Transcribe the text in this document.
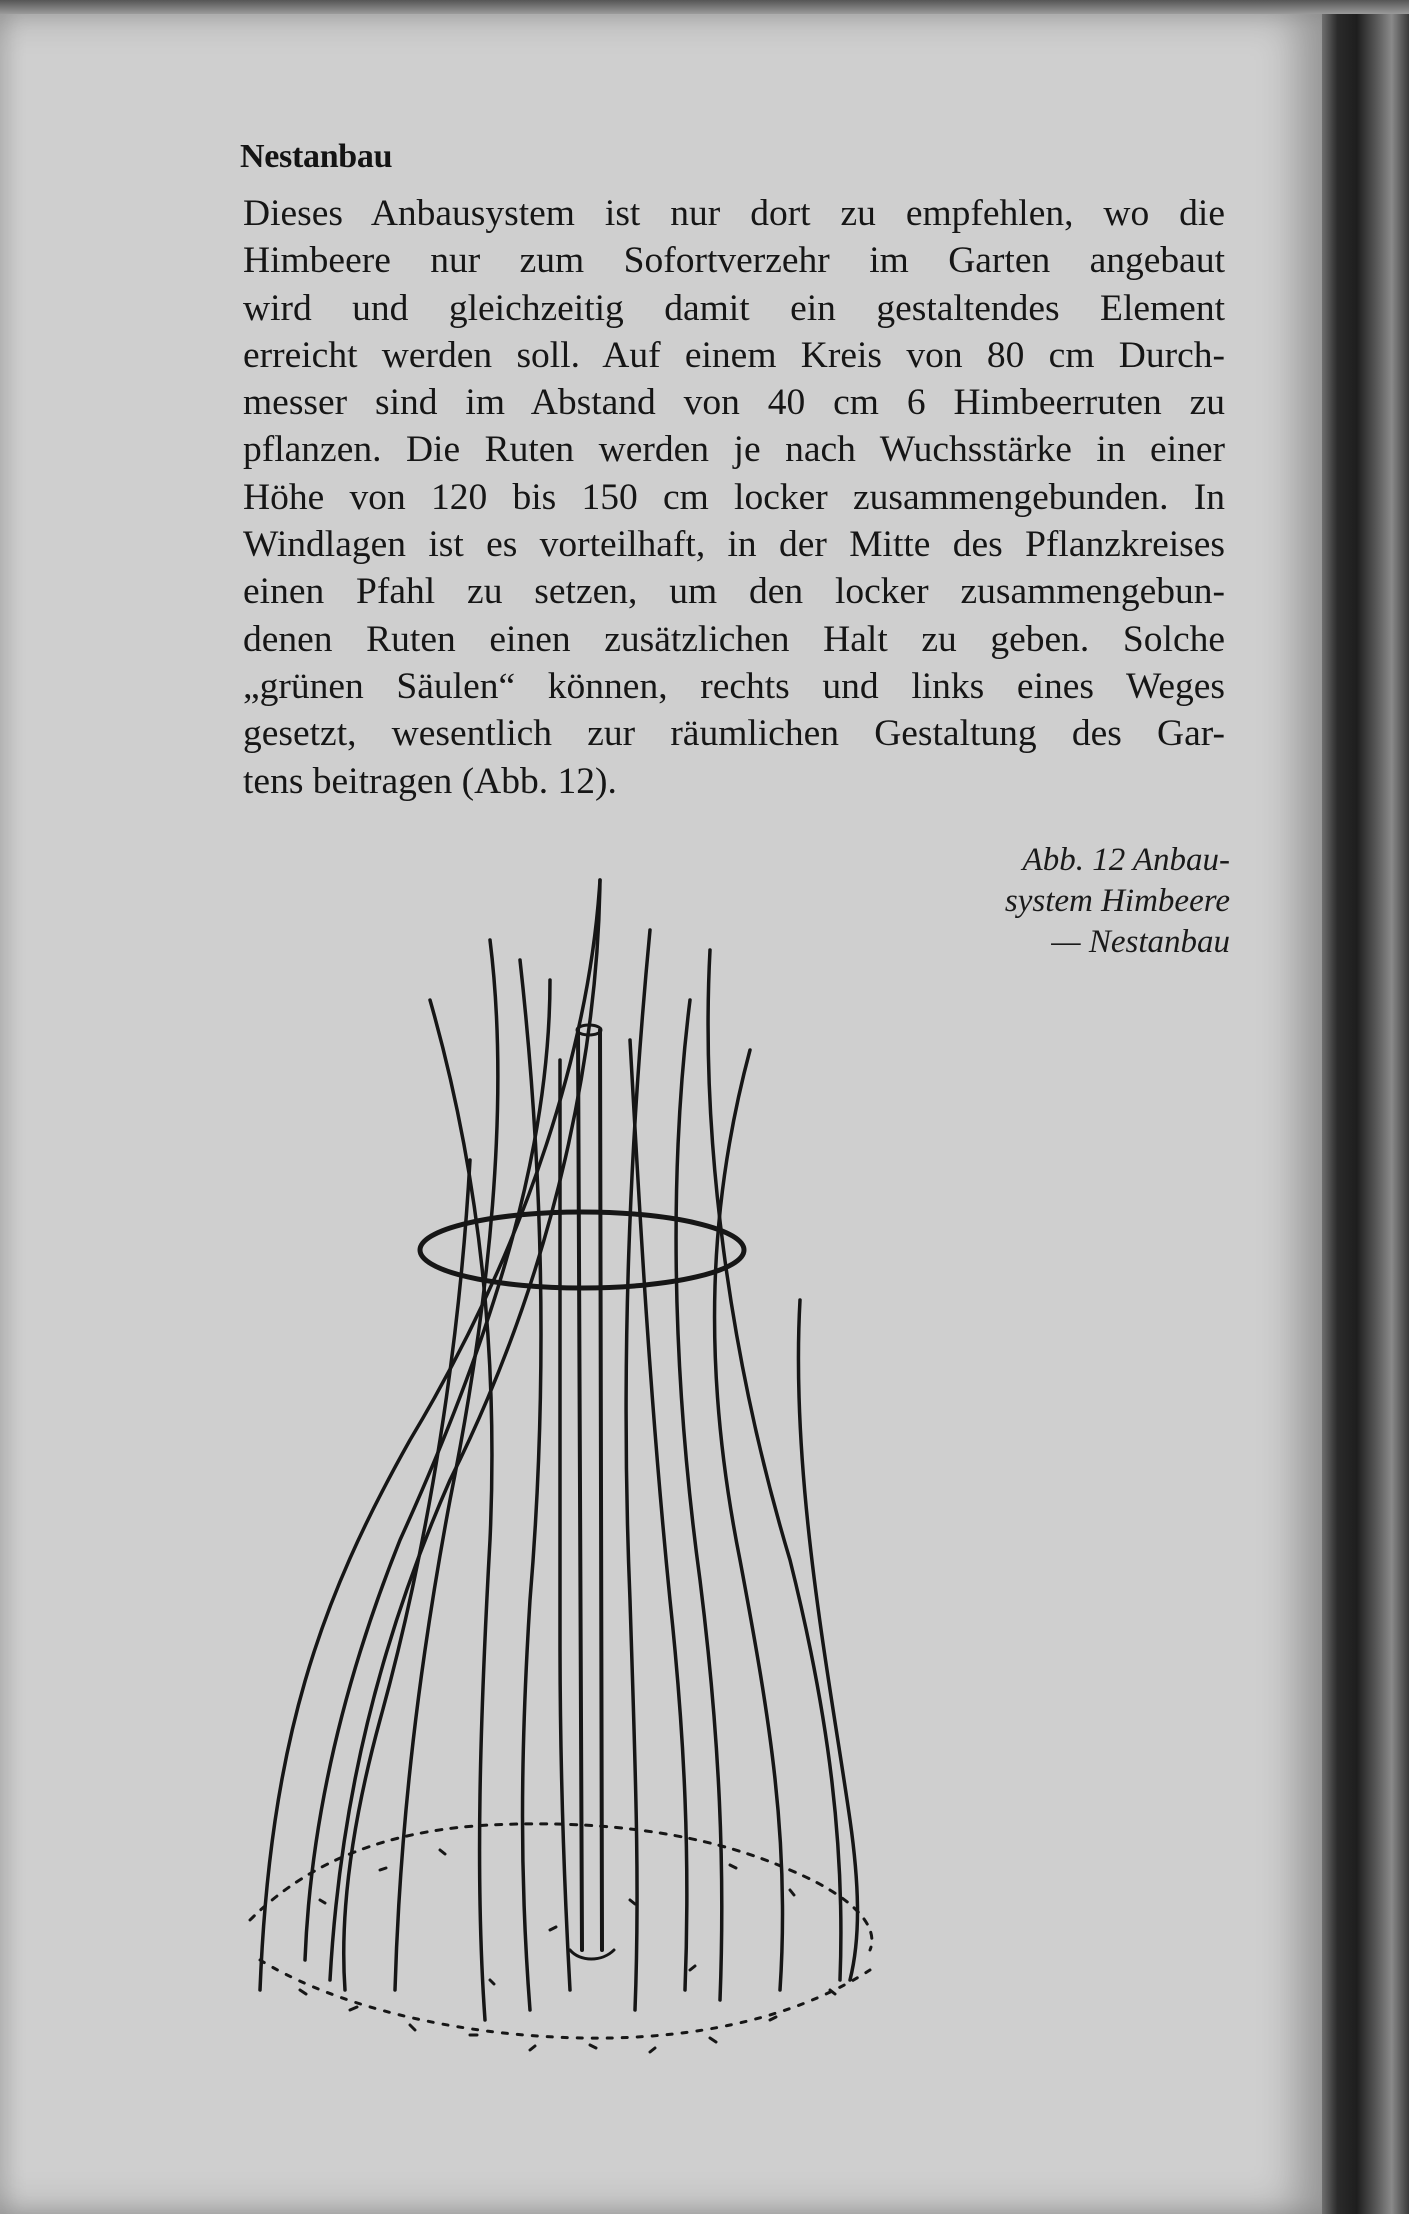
Nestanbau
Dieses Anbausystem ist nur dort zu empfehlen, wo die
Himbeere nur zum Sofortverzehr im Garten angebaut
wird und gleichzeitig damit ein gestaltendes Element
erreicht werden soll. Auf einem Kreis von 80 cm Durch-
messer sind im Abstand von 40 cm 6 Himbeerruten zu
pflanzen. Die Ruten werden je nach Wuchsstärke in einer
Höhe von 120 bis 150 cm locker zusammengebunden. In
Windlagen ist es vorteilhaft, in der Mitte des Pflanzkreises
einen Pfahl zu setzen, um den locker zusammengebun-
denen Ruten einen zusätzlichen Halt zu geben. Solche
„grünen Säulen“ können, rechts und links eines Weges
gesetzt, wesentlich zur räumlichen Gestaltung des Gar-
tens beitragen (Abb. 12).
Abb. 12 Anbau-
system Himbeere
— Nestanbau
